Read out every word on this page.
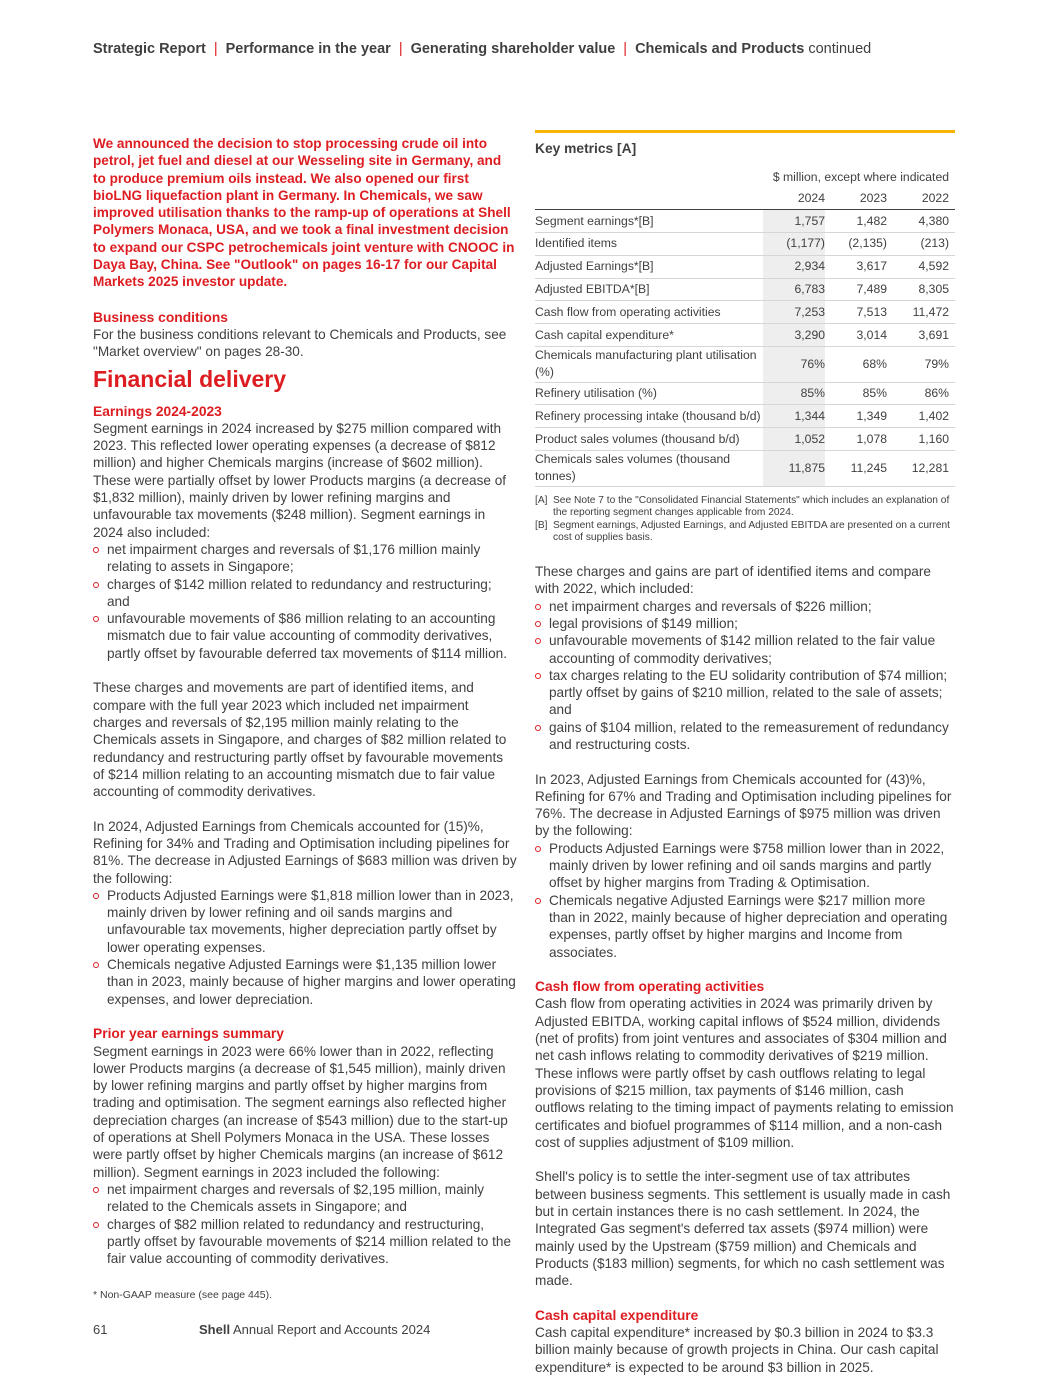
Strategic Report | Performance in the year | Generating shareholder value | Chemicals and Products continued

We announced the decision to stop processing crude oil into petrol, jet fuel and diesel at our Wesseling site in Germany, and to produce premium oils instead. We also opened our first bioLNG liquefaction plant in Germany. In Chemicals, we saw improved utilisation thanks to the ramp-up of operations at Shell Polymers Monaca, USA, and we took a final investment decision to expand our CSPC petrochemicals joint venture with CNOOC in Daya Bay, China. See "Outlook" on pages 16-17 for our Capital Markets 2025 investor update.

Business conditions

For the business conditions relevant to Chemicals and Products, see "Market overview" on pages 28-30.

Financial delivery
Earnings 2024-2023

Segment earnings in 2024 increased by $275 million compared with 2023. This reflected lower operating expenses (a decrease of $812 million) and higher Chemicals margins (increase of $602 million). These were partially offset by lower Products margins (a decrease of $1,832 million), mainly driven by lower refining margins and unfavourable tax movements ($248 million). Segment earnings in 2024 also included:

net impairment charges and reversals of $1,176 million mainly relating to assets in Singapore;
charges of $142 million related to redundancy and restructuring; and
unfavourable movements of $86 million relating to an accounting mismatch due to fair value accounting of commodity derivatives, partly offset by favourable deferred tax movements of $114 million.

These charges and movements are part of identified items, and compare with the full year 2023 which included net impairment charges and reversals of $2,195 million mainly relating to the Chemicals assets in Singapore, and charges of $82 million related to redundancy and restructuring partly offset by favourable movements of $214 million relating to an accounting mismatch due to fair value accounting of commodity derivatives.

In 2024, Adjusted Earnings from Chemicals accounted for (15)%, Refining for 34% and Trading and Optimisation including pipelines for 81%. The decrease in Adjusted Earnings of $683 million was driven by the following:

Products Adjusted Earnings were $1,818 million lower than in 2023, mainly driven by lower refining and oil sands margins and unfavourable tax movements, higher depreciation partly offset by lower operating expenses.
Chemicals negative Adjusted Earnings were $1,135 million lower than in 2023, mainly because of higher margins and lower operating expenses, and lower depreciation.
Prior year earnings summary

Segment earnings in 2023 were 66% lower than in 2022, reflecting lower Products margins (a decrease of $1,545 million), mainly driven by lower refining margins and partly offset by higher margins from trading and optimisation. The segment earnings also reflected higher depreciation charges (an increase of $543 million) due to the start-up of operations at Shell Polymers Monaca in the USA. These losses were partly offset by higher Chemicals margins (an increase of $612 million). Segment earnings in 2023 included the following:

net impairment charges and reversals of $2,195 million, mainly related to the Chemicals assets in Singapore; and
charges of $82 million related to redundancy and restructuring, partly offset by favourable movements of $214 million related to the fair value accounting of commodity derivatives.

* Non-GAAP measure (see page 445).

Key metrics [A]
$ million, except where indicated			
	2024	2023	2022
Segment earnings*[B]	1,757	1,482	4,380
Identified items	(1,177)	(2,135)	(213)
Adjusted Earnings*[B]	2,934	3,617	4,592
Adjusted EBITDA*[B]	6,783	7,489	8,305
Cash flow from operating activities	7,253	7,513	11,472
Cash capital expenditure*	3,290	3,014	3,691
Chemicals manufacturing plant utilisation (%)	76%	68%	79%
Refinery utilisation (%)	85%	85%	86%
Refinery processing intake (thousand b/d)	1,344	1,349	1,402
Product sales volumes (thousand b/d)	1,052	1,078	1,160
Chemicals sales volumes (thousand tonnes)	11,875	11,245	12,281
[A] See Note 7 to the "Consolidated Financial Statements" which includes an explanation of the reporting segment changes applicable from 2024.
[B] Segment earnings, Adjusted Earnings, and Adjusted EBITDA are presented on a current cost of supplies basis.

These charges and gains are part of identified items and compare with 2022, which included:

net impairment charges and reversals of $226 million;
legal provisions of $149 million;
unfavourable movements of $142 million related to the fair value accounting of commodity derivatives;
tax charges relating to the EU solidarity contribution of $74 million; partly offset by gains of $210 million, related to the sale of assets; and
gains of $104 million, related to the remeasurement of redundancy and restructuring costs.

In 2023, Adjusted Earnings from Chemicals accounted for (43)%, Refining for 67% and Trading and Optimisation including pipelines for 76%. The decrease in Adjusted Earnings of $975 million was driven by the following:

Products Adjusted Earnings were $758 million lower than in 2022, mainly driven by lower refining and oil sands margins and partly offset by higher margins from Trading & Optimisation.
Chemicals negative Adjusted Earnings were $217 million more than in 2022, mainly because of higher depreciation and operating expenses, partly offset by higher margins and Income from associates.
Cash flow from operating activities

Cash flow from operating activities in 2024 was primarily driven by Adjusted EBITDA, working capital inflows of $524 million, dividends (net of profits) from joint ventures and associates of $304 million and net cash inflows relating to commodity derivatives of $219 million. These inflows were partly offset by cash outflows relating to legal provisions of $215 million, tax payments of $146 million, cash outflows relating to the timing impact of payments relating to emission certificates and biofuel programmes of $114 million, and a non-cash cost of supplies adjustment of $109 million.

Shell's policy is to settle the inter-segment use of tax attributes between business segments. This settlement is usually made in cash but in certain instances there is no cash settlement. In 2024, the Integrated Gas segment's deferred tax assets ($974 million) were mainly used by the Upstream ($759 million) and Chemicals and Products ($183 million) segments, for which no cash settlement was made.

Cash capital expenditure

Cash capital expenditure* increased by $0.3 billion in 2024 to $3.3 billion mainly because of growth projects in China. Our cash capital expenditure* is expected to be around $3 billion in 2025.

61	Shell Annual Report and Accounts 2024
